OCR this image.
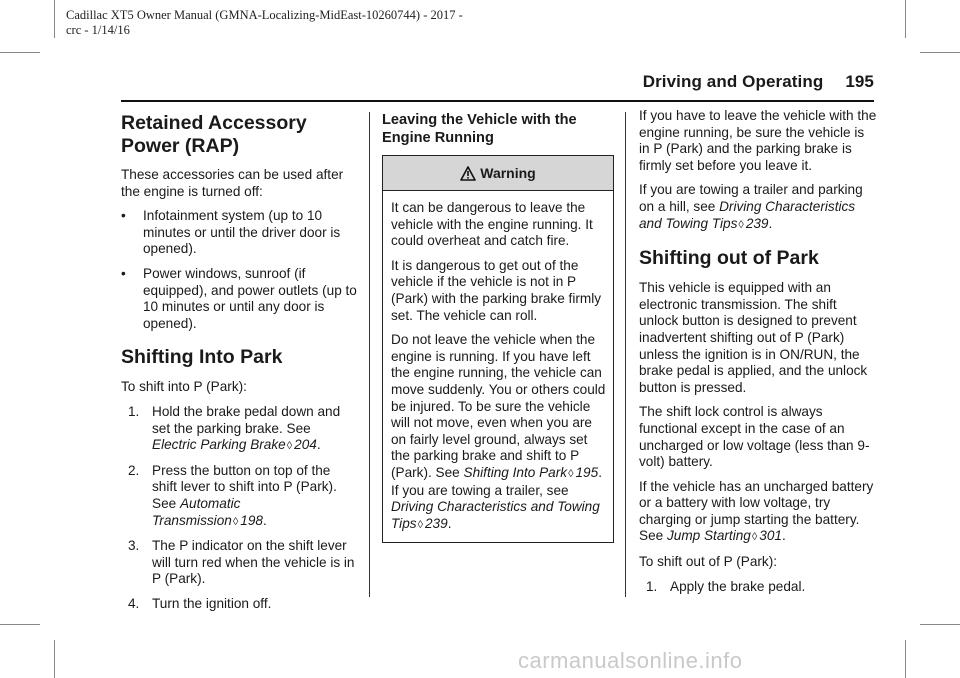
Cadillac XT5 Owner Manual (GMNA-Localizing-MidEast-10260744) - 2017 -
crc - 1/14/16
Driving and Operating 195
Retained Accessory
Power (RAP)

These accessories can be used after the engine is turned off:

• Infotainment system (up to 10 minutes or until the driver door is opened).
• Power windows, sunroof (if equipped), and power outlets (up to 10 minutes or until any door is opened).
Shifting Into Park

To shift into P (Park):

1. Hold the brake pedal down and set the parking brake. See Electric Parking Brake◊ 204.
2. Press the button on top of the shift lever to shift into P (Park). See Automatic Transmission◊ 198.
3. The P indicator on the shift lever will turn red when the vehicle is in P (Park).
4. Turn the ignition off.
Leaving the Vehicle with the
Engine Running
Warning

It can be dangerous to leave the vehicle with the engine running. It could overheat and catch fire.

It is dangerous to get out of the vehicle if the vehicle is not in P (Park) with the parking brake firmly set. The vehicle can roll.

Do not leave the vehicle when the engine is running. If you have left the engine running, the vehicle can move suddenly. You or others could be injured. To be sure the vehicle will not move, even when you are on fairly level ground, always set the parking brake and shift to P (Park). See Shifting Into Park◊ 195. If you are towing a trailer, see Driving Characteristics and Towing Tips◊ 239.

If you have to leave the vehicle with the engine running, be sure the vehicle is in P (Park) and the parking brake is firmly set before you leave it.

If you are towing a trailer and parking on a hill, see Driving Characteristics and Towing Tips◊ 239.

Shifting out of Park

This vehicle is equipped with an electronic transmission. The shift unlock button is designed to prevent inadvertent shifting out of P (Park) unless the ignition is in ON/RUN, the brake pedal is applied, and the unlock button is pressed.

The shift lock control is always functional except in the case of an uncharged or low voltage (less than 9-volt) battery.

If the vehicle has an uncharged battery or a battery with low voltage, try charging or jump starting the battery. See Jump Starting◊ 301.

To shift out of P (Park):

1. Apply the brake pedal.
carmanualsonline.info
